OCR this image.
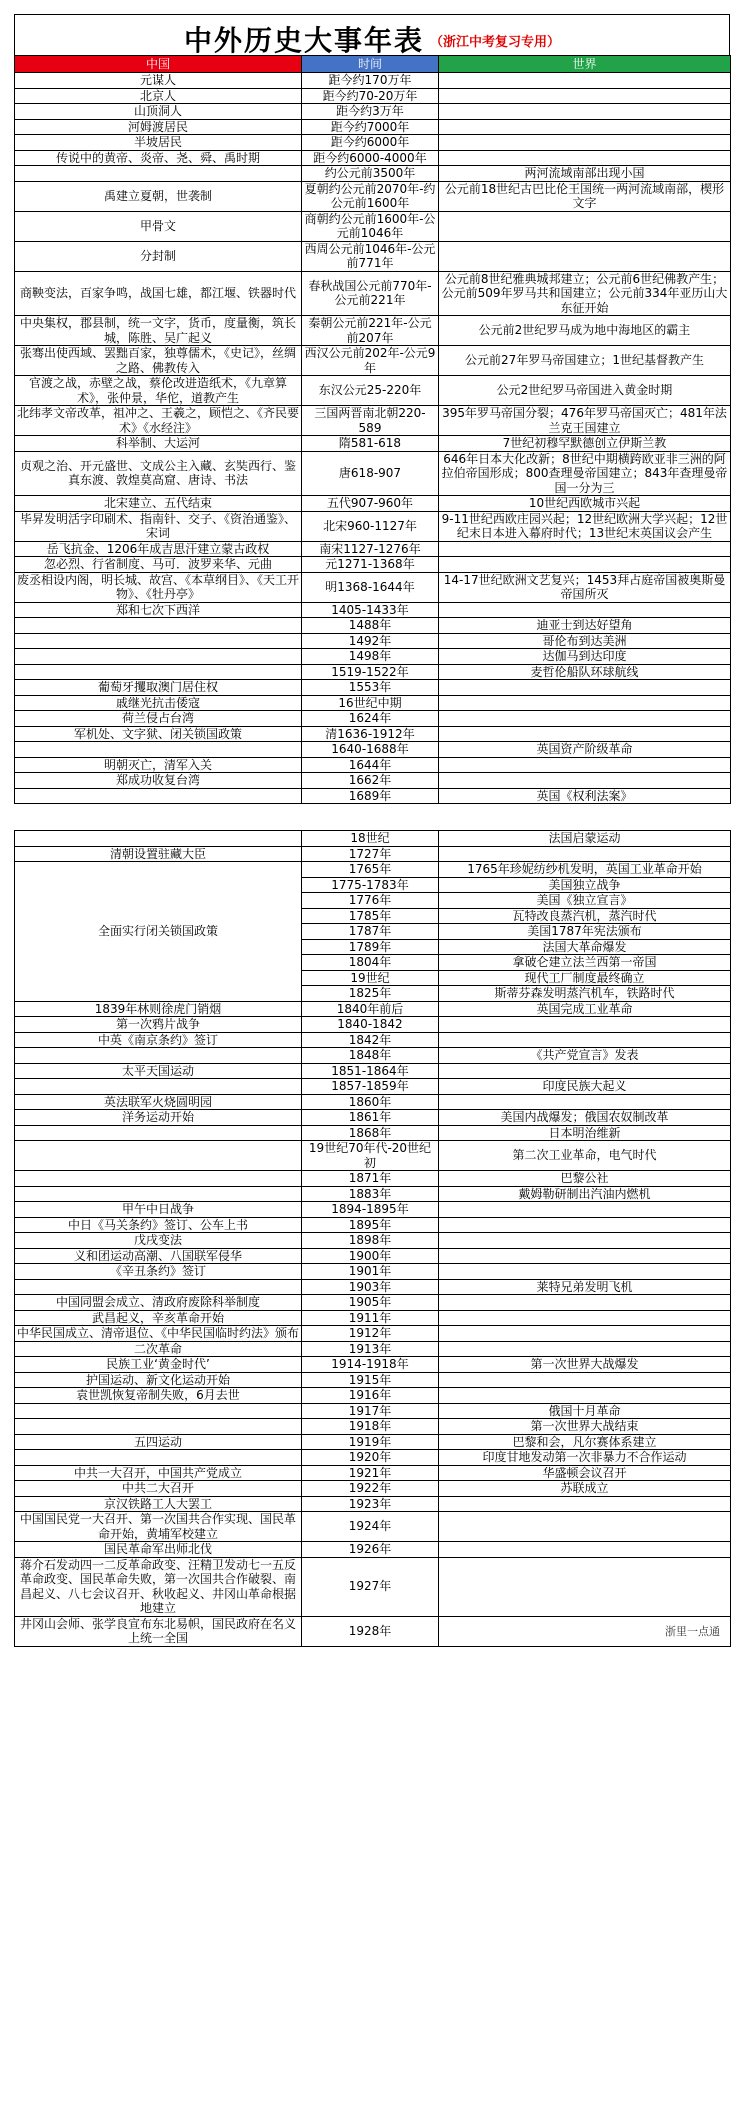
中外历史大事年表 （浙江中考复习专用）
中国	时间	世界
元谋人	距今约170万年	
北京人	距今约70-20万年	
山顶洞人	距今约3万年	
河姆渡居民	距今约7000年	
半坡居民	距今约6000年	
传说中的黄帝、炎帝、尧、舜、禹时期	距今约6000-4000年	
	约公元前3500年	两河流域南部出现小国
禹建立夏朝，世袭制	夏朝约公元前2070年-约公元前1600年	公元前18世纪古巴比伦王国统一两河流域南部，楔形文字
甲骨文	商朝约公元前1600年-公元前1046年	
分封制	西周公元前1046年-公元前771年	
商鞅变法，百家争鸣，战国七雄，都江堰、铁器时代	春秋战国公元前770年-公元前221年	公元前8世纪雅典城邦建立；公元前6世纪佛教产生；公元前509年罗马共和国建立；公元前334年亚历山大东征开始
中央集权，郡县制，统一文字，货币，度量衡，筑长城，陈胜、吴广起义	秦朝公元前221年-公元前207年	公元前2世纪罗马成为地中海地区的霸主
张骞出使西域、罢黜百家，独尊儒术，《史记》，丝绸之路、佛教传入	西汉公元前202年-公元9年	公元前27年罗马帝国建立；1世纪基督教产生
官渡之战，赤壁之战，蔡伦改进造纸术，《九章算术》，张仲景，华佗，道教产生	东汉公元25-220年	公元2世纪罗马帝国进入黄金时期
北纬孝文帝改革，祖冲之、王羲之，顾恺之、《齐民要术》《水经注》	三国两晋南北朝220-589	395年罗马帝国分裂；476年罗马帝国灭亡；481年法兰克王国建立
科举制、大运河	隋581-618	7世纪初穆罕默德创立伊斯兰教
贞观之治、开元盛世、文成公主入藏、玄奘西行、鉴真东渡、敦煌莫高窟、唐诗、书法	唐618-907	646年日本大化改新；8世纪中期横跨欧亚非三洲的阿拉伯帝国形成；800查理曼帝国建立；843年查理曼帝国一分为三
北宋建立、五代结束	五代907-960年	10世纪西欧城市兴起
毕昇发明活字印刷术、指南针、交子、《资治通鉴》、宋词	北宋960-1127年	9-11世纪西欧庄园兴起；12世纪欧洲大学兴起；12世纪末日本进入幕府时代；13世纪末英国议会产生
岳飞抗金、1206年成吉思汗建立蒙古政权	南宋1127-1276年	
忽必烈、行省制度、马可．波罗来华、元曲	元1271-1368年	
废丞相设内阁，明长城、故宫、《本草纲目》、《天工开物》、《牡丹亭》	明1368-1644年	14-17世纪欧洲文艺复兴；1453拜占庭帝国被奥斯曼帝国所灭
郑和七次下西洋	1405-1433年	
	1488年	迪亚士到达好望角
	1492年	哥伦布到达美洲
	1498年	达伽马到达印度
	1519-1522年	麦哲伦船队环球航线
葡萄牙攫取澳门居住权	1553年	
戚继光抗击倭寇	16世纪中期	
荷兰侵占台湾	1624年	
军机处、文字狱、闭关锁国政策	清1636-1912年	
	1640-1688年	英国资产阶级革命
明朝灭亡，清军入关	1644年	
郑成功收复台湾	1662年	
	1689年	英国《权利法案》
	18世纪	法国启蒙运动
清朝设置驻藏大臣	1727年	
全面实行闭关锁国政策	1765年	1765年珍妮纺纱机发明，英国工业革命开始
	1775-1783年	美国独立战争
	1776年	美国《独立宣言》
	1785年	瓦特改良蒸汽机，蒸汽时代
	1787年	美国1787年宪法颁布
	1789年	法国大革命爆发
	1804年	拿破仑建立法兰西第一帝国
	19世纪	现代工厂制度最终确立
	1825年	斯蒂芬森发明蒸汽机车，铁路时代
1839年林则徐虎门销烟	1840年前后	英国完成工业革命
第一次鸦片战争	1840-1842	
中英《南京条约》签订	1842年	
	1848年	《共产党宣言》发表
太平天国运动	1851-1864年	
	1857-1859年	印度民族大起义
英法联军火烧圆明园	1860年	
洋务运动开始	1861年	美国内战爆发；俄国农奴制改革
	1868年	日本明治维新
	19世纪70年代-20世纪初	第二次工业革命，电气时代
	1871年	巴黎公社
	1883年	戴姆勒研制出汽油内燃机
甲午中日战争	1894-1895年	
中日《马关条约》签订、公车上书	1895年	
戊戌变法	1898年	
义和团运动高潮、八国联军侵华	1900年	
《辛丑条约》签订	1901年	
	1903年	莱特兄弟发明飞机
中国同盟会成立、清政府废除科举制度	1905年	
武昌起义，辛亥革命开始	1911年	
中华民国成立、清帝退位、《中华民国临时约法》颁布	1912年	
二次革命	1913年	
民族工业‘黄金时代’	1914-1918年	第一次世界大战爆发
护国运动、新文化运动开始	1915年	
袁世凯恢复帝制失败，6月去世	1916年	
	1917年	俄国十月革命
	1918年	第一次世界大战结束
五四运动	1919年	巴黎和会，凡尔赛体系建立
	1920年	印度甘地发动第一次非暴力不合作运动
中共一大召开，中国共产党成立	1921年	华盛顿会议召开
中共二大召开	1922年	苏联成立
京汉铁路工人大罢工	1923年	
中国国民党一大召开、第一次国共合作实现、国民革命开始，黄埔军校建立	1924年	
国民革命军出师北伐	1926年	
蒋介石发动四一二反革命政变、汪精卫发动七一五反革命政变、国民革命失败，第一次国共合作破裂、南昌起义、八七会议召开、秋收起义、井冈山革命根据地建立	1927年	
井冈山会师、张学良宣布东北易帜，国民政府在名义上统一全国	1928年		浙里一点通
